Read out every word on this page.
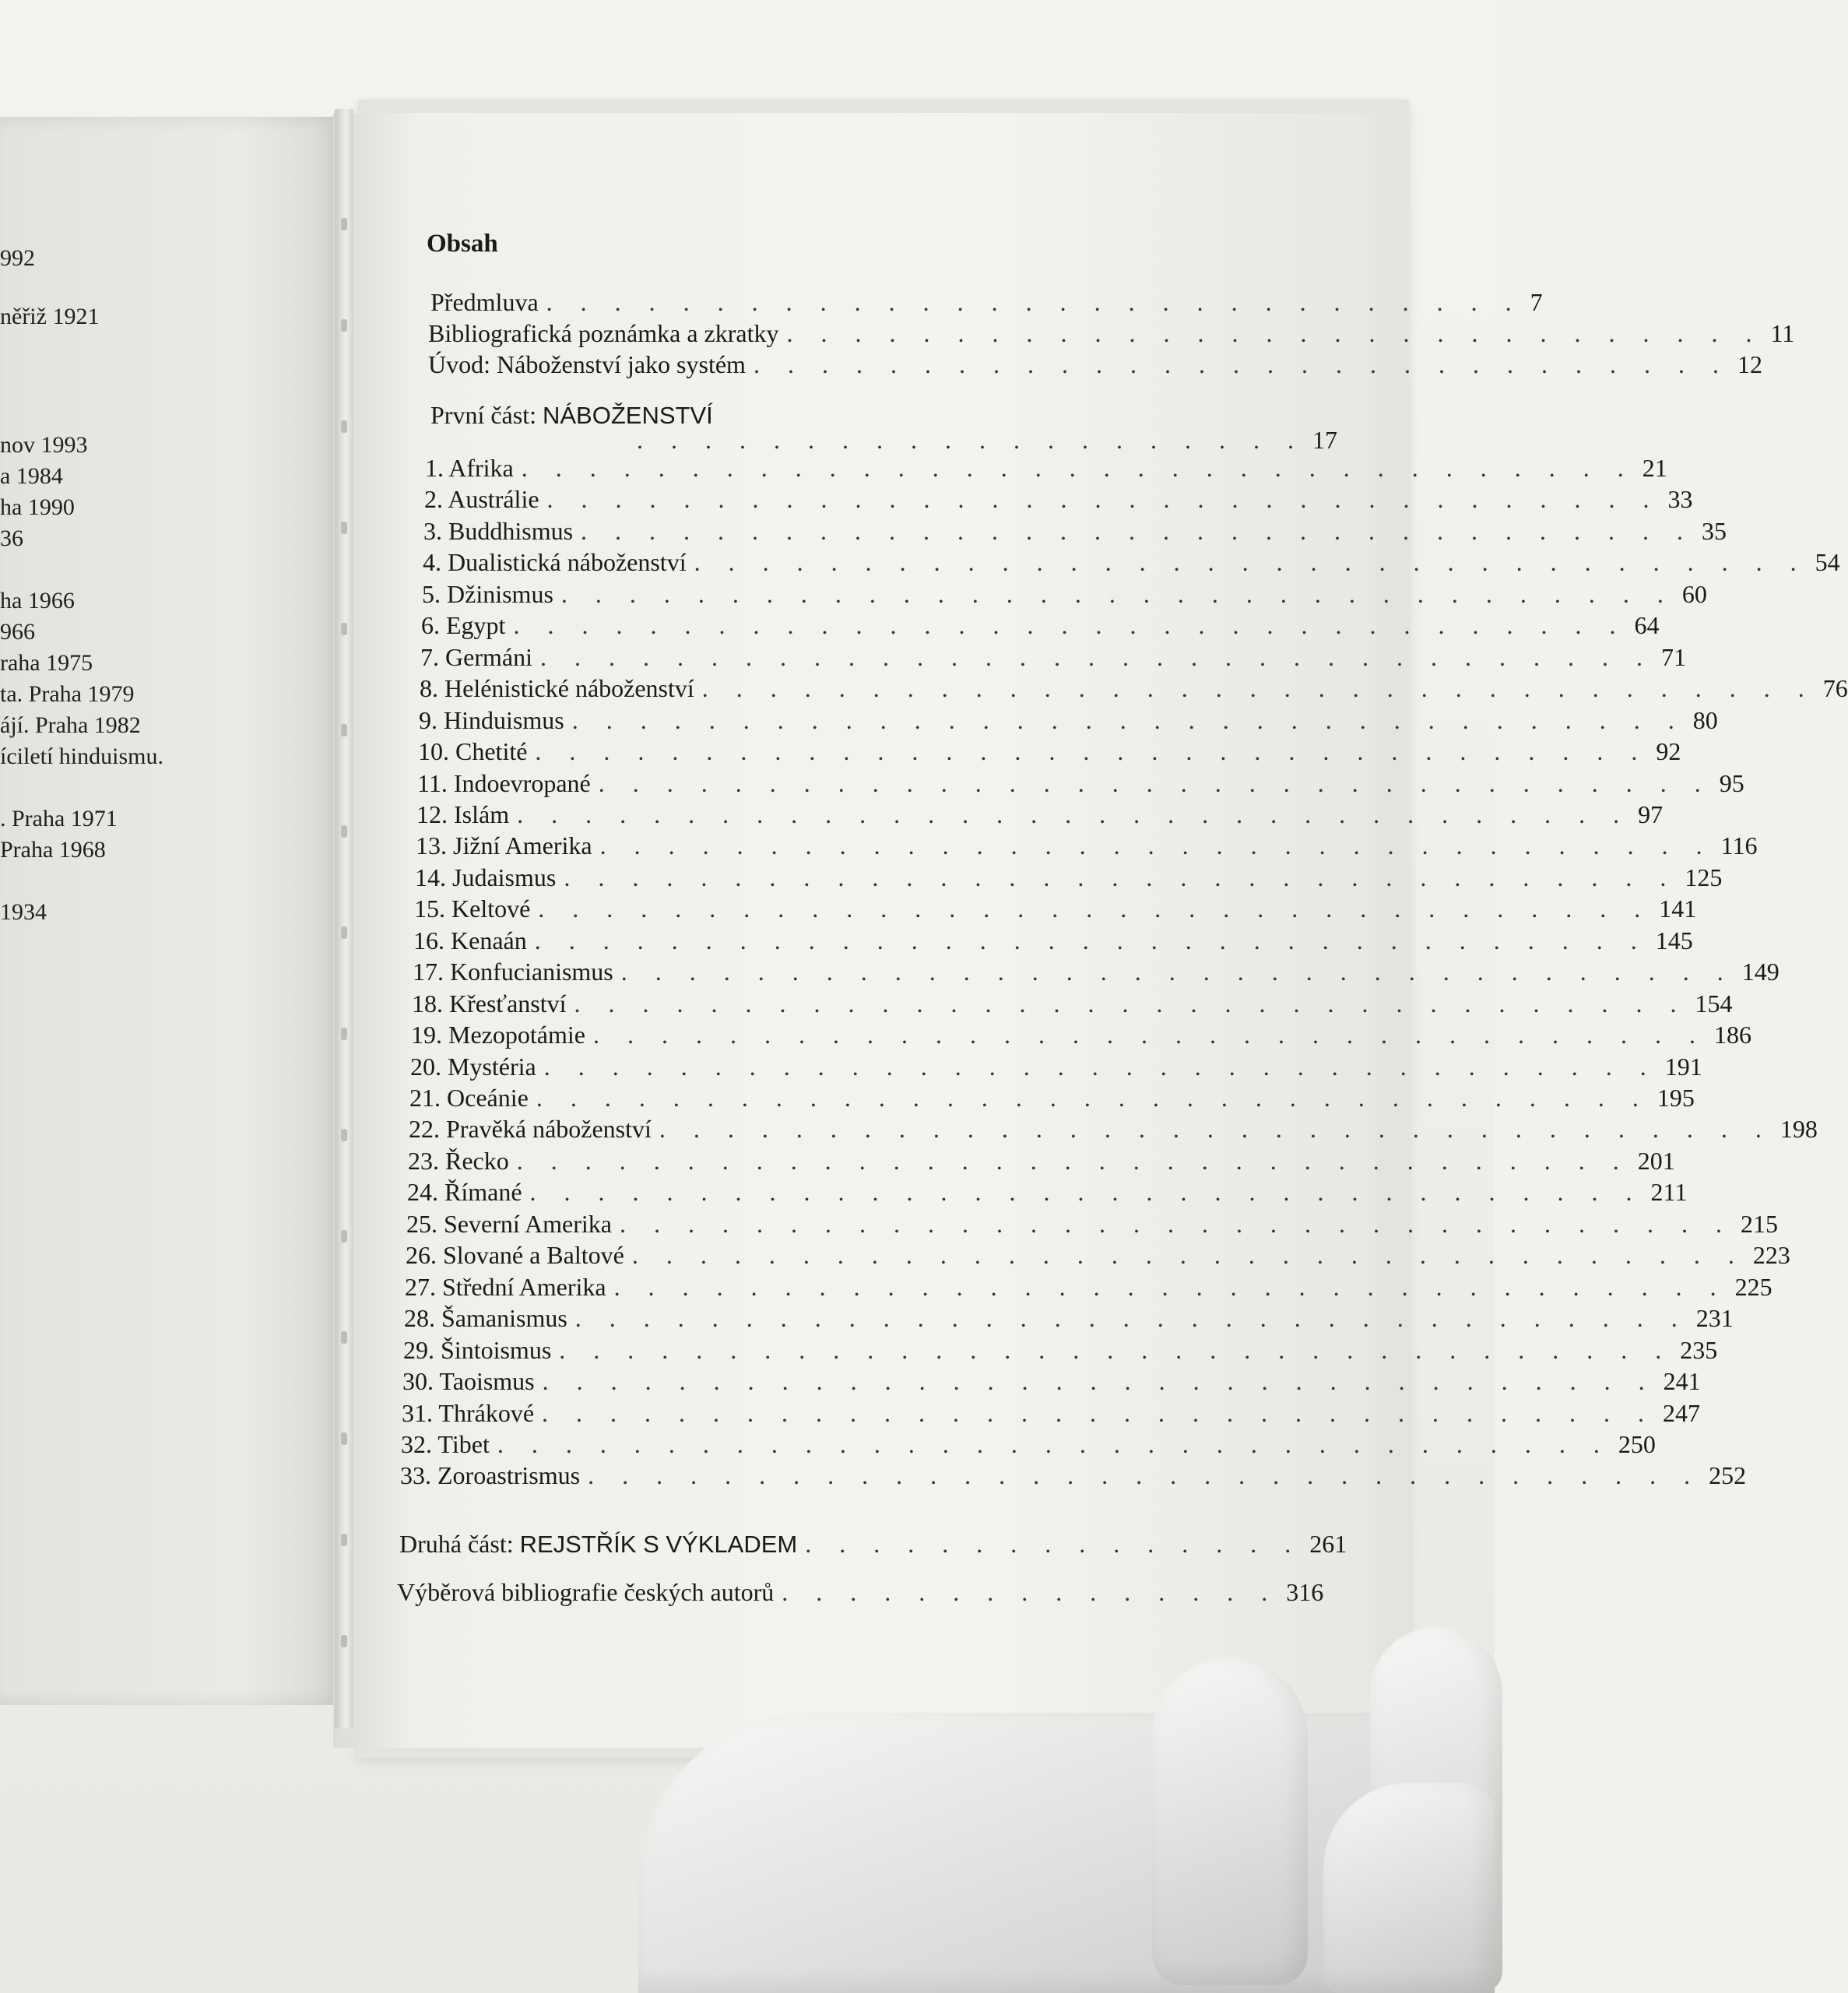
992
něřiž 1921
nov 1993
a 1984
ha 1990
36
ha 1966
966
raha 1975
ta. Praha 1979
ájí. Praha 1982
íciletí hinduismu.
. Praha 1971
Praha 1968
1934
Obsah
Předmluva . . . . . . . . . . . . . . . . . . . . . . . . . . . . . 7
Bibliografická poznámka a zkratky . . . . . . . . . . . . . . . . . . . . . . . . . . . . . 11
Úvod: Náboženství jako systém . . . . . . . . . . . . . . . . . . . . . . . . . . . . . 12
První část: NÁBOŽENSTVÍ
1. Afrika . . . . . . . . . . . . . . . . . . . . . . . . . . . . . . . . . 21
2. Austrálie . . . . . . . . . . . . . . . . . . . . . . . . . . . . . . . . . 33
3. Buddhismus . . . . . . . . . . . . . . . . . . . . . . . . . . . . . . . . . 35
4. Dualistická náboženství . . . . . . . . . . . . . . . . . . . . . . . . . . . . . . . . . 54
5. Džinismus . . . . . . . . . . . . . . . . . . . . . . . . . . . . . . . . . 60
6. Egypt . . . . . . . . . . . . . . . . . . . . . . . . . . . . . . . . . 64
7. Germáni . . . . . . . . . . . . . . . . . . . . . . . . . . . . . . . . . 71
8. Helénistické náboženství . . . . . . . . . . . . . . . . . . . . . . . . . . . . . . . . . 76
9. Hinduismus . . . . . . . . . . . . . . . . . . . . . . . . . . . . . . . . . 80
10. Chetité . . . . . . . . . . . . . . . . . . . . . . . . . . . . . . . . . 92
11. Indoevropané . . . . . . . . . . . . . . . . . . . . . . . . . . . . . . . . . 95
12. Islám . . . . . . . . . . . . . . . . . . . . . . . . . . . . . . . . . 97
13. Jižní Amerika . . . . . . . . . . . . . . . . . . . . . . . . . . . . . . . . . 116
14. Judaismus . . . . . . . . . . . . . . . . . . . . . . . . . . . . . . . . . 125
15. Keltové . . . . . . . . . . . . . . . . . . . . . . . . . . . . . . . . . 141
16. Kenaán . . . . . . . . . . . . . . . . . . . . . . . . . . . . . . . . . 145
17. Konfucianismus . . . . . . . . . . . . . . . . . . . . . . . . . . . . . . . . . 149
18. Křesťanství . . . . . . . . . . . . . . . . . . . . . . . . . . . . . . . . . 154
19. Mezopotámie . . . . . . . . . . . . . . . . . . . . . . . . . . . . . . . . . 186
20. Mystéria . . . . . . . . . . . . . . . . . . . . . . . . . . . . . . . . . 191
21. Oceánie . . . . . . . . . . . . . . . . . . . . . . . . . . . . . . . . . 195
22. Pravěká náboženství . . . . . . . . . . . . . . . . . . . . . . . . . . . . . . . . . 198
23. Řecko . . . . . . . . . . . . . . . . . . . . . . . . . . . . . . . . . 201
24. Římané . . . . . . . . . . . . . . . . . . . . . . . . . . . . . . . . . 211
25. Severní Amerika . . . . . . . . . . . . . . . . . . . . . . . . . . . . . . . . . 215
26. Slované a Baltové . . . . . . . . . . . . . . . . . . . . . . . . . . . . . . . . . 223
27. Střední Amerika . . . . . . . . . . . . . . . . . . . . . . . . . . . . . . . . . 225
28. Šamanismus . . . . . . . . . . . . . . . . . . . . . . . . . . . . . . . . . 231
29. Šintoismus . . . . . . . . . . . . . . . . . . . . . . . . . . . . . . . . . 235
30. Taoismus . . . . . . . . . . . . . . . . . . . . . . . . . . . . . . . . . 241
31. Thrákové . . . . . . . . . . . . . . . . . . . . . . . . . . . . . . . . . 247
32. Tibet . . . . . . . . . . . . . . . . . . . . . . . . . . . . . . . . . 250
33. Zoroastrismus . . . . . . . . . . . . . . . . . . . . . . . . . . . . . . . . . 252
Druhá část: REJSTŘÍK S VÝKLADEM . . . . . . . . . . . . . . . 261
Výběrová bibliografie českých autorů . . . . . . . . . . . . . . . 316
. . . . . . . . . . . . . . . . . . . . 17
